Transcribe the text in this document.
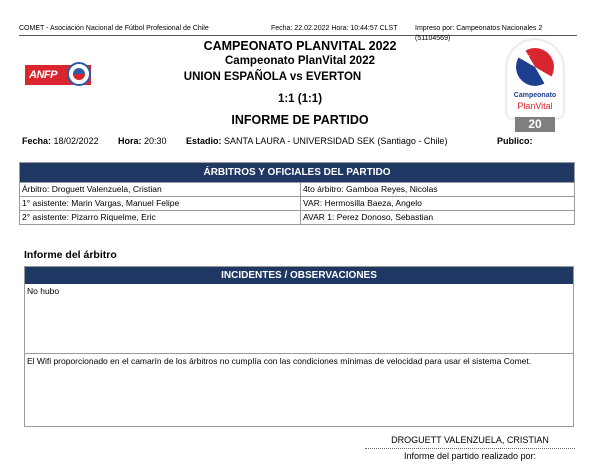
COMET - Asociación Nacional de Fútbol Profesional de Chile	Fecha: 22.02.2022 Hora: 10:44:57 CLST	Impreso por: Campeonatos Nacionales 2 (51104569)
ANFP
CAMPEONATO PLANVITAL 2022
Campeonato PlanVital 2022
UNION ESPAÑOLA vs EVERTON
1:1 (1:1)
INFORME DE PARTIDO
★
Campeonato
PlanVital
20
Fecha: 18/02/2022 Hora: 20:30 Estadio: SANTA LAURA - UNIVERSIDAD SEK (Santiago - Chile)	Publico:
ÁRBITROS Y OFICIALES DEL PARTIDO	
Árbitro: Droguett Valenzuela, Cristian	4to árbitro: Gamboa Reyes, Nicolas
1° asistente: Marin Vargas, Manuel Felipe	VAR: Hermosilla Baeza, Angelo
2° asistente: Pizarro Riquelme, Eric	AVAR 1: Perez Donoso, Sebastian
Informe del árbitro
INCIDENTES / OBSERVACIONES
No hubo
El Wifi proporcionado en el camarín de los árbitros no cumplía con las condiciones mínimas de velocidad para usar el sistema Comet.
DROGUETT VALENZUELA, CRISTIAN
Informe del partido realizado por:
